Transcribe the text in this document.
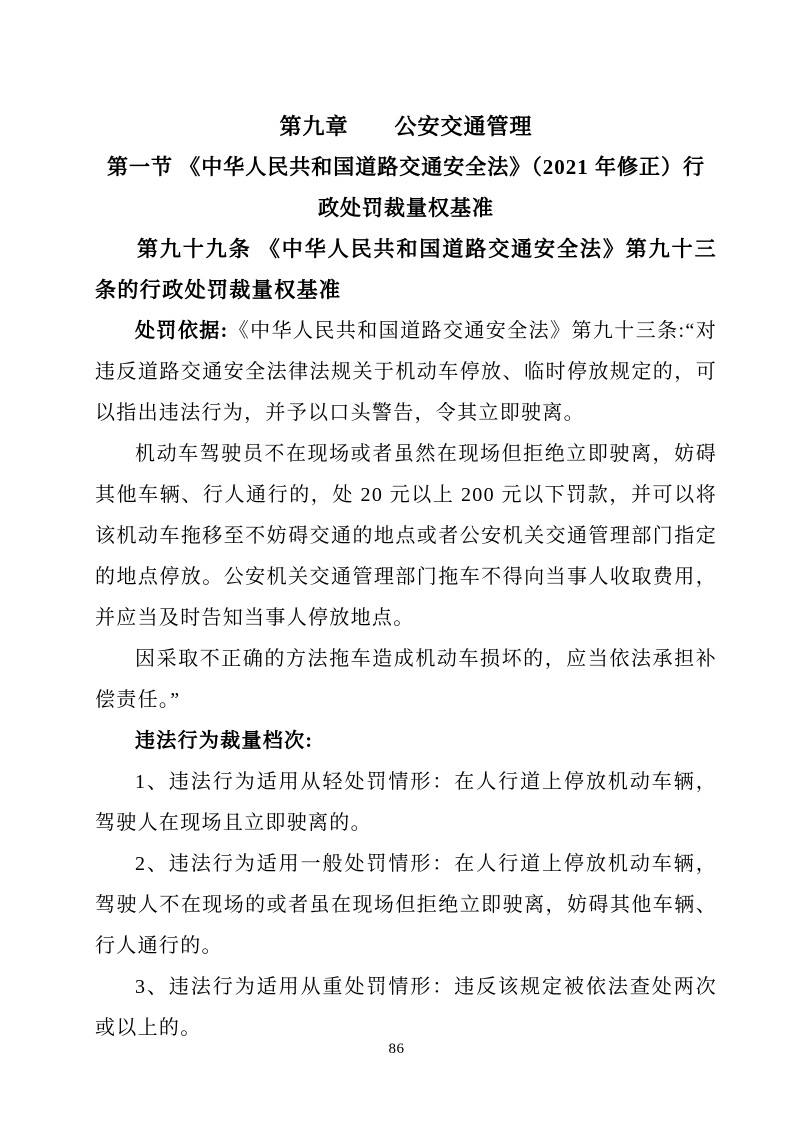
第九章　　公安交通管理
第一节 《中华人民共和国道路交通安全法》（2021 年修正）行政处罚裁量权基准

第九十九条 《中华人民共和国道路交通安全法》第九十三条的行政处罚裁量权基准

处罚依据:《中华人民共和国道路交通安全法》第九十三条:“对违反道路交通安全法律法规关于机动车停放、临时停放规定的，可以指出违法行为，并予以口头警告，令其立即驶离。

机动车驾驶员不在现场或者虽然在现场但拒绝立即驶离，妨碍其他车辆、行人通行的，处 20 元以上 200 元以下罚款，并可以将该机动车拖移至不妨碍交通的地点或者公安机关交通管理部门指定的地点停放。公安机关交通管理部门拖车不得向当事人收取费用，并应当及时告知当事人停放地点。

因采取不正确的方法拖车造成机动车损坏的，应当依法承担补偿责任。”

违法行为裁量档次:

1、违法行为适用从轻处罚情形：在人行道上停放机动车辆，驾驶人在现场且立即驶离的。

2、违法行为适用一般处罚情形：在人行道上停放机动车辆，驾驶人不在现场的或者虽在现场但拒绝立即驶离，妨碍其他车辆、行人通行的。

3、违法行为适用从重处罚情形：违反该规定被依法查处两次或以上的。

86
